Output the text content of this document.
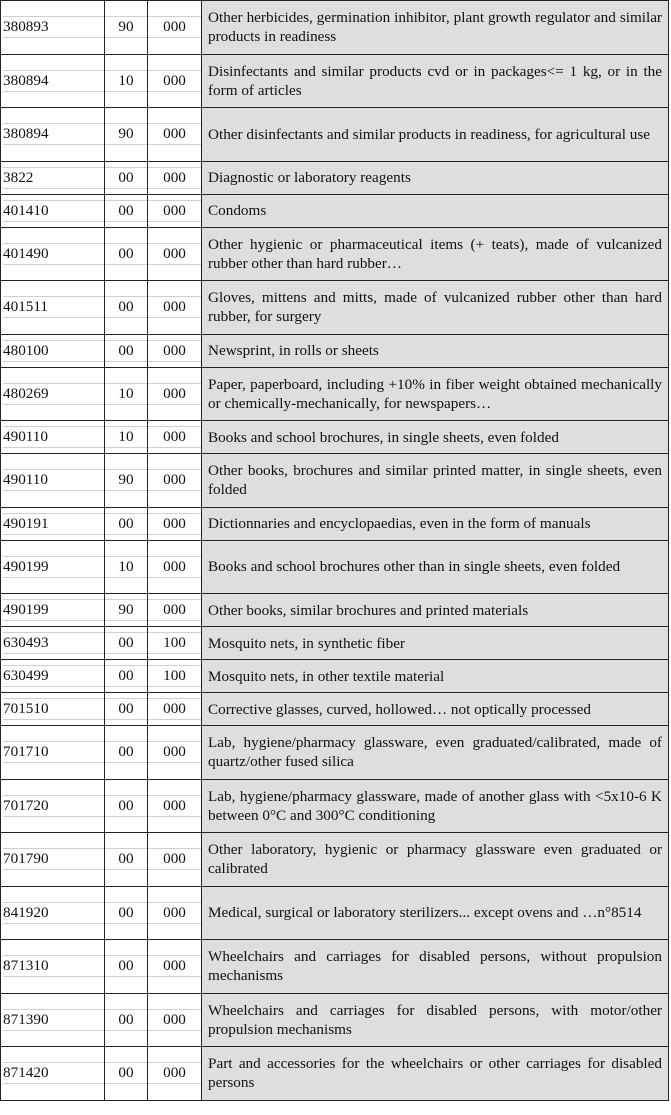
380893	90	000	Other herbicides, germination inhibitor, plant growth regulator and similar products in readiness

380894	10	000	Disinfectants and similar products cvd or in packages<= 1 kg, or in the form of articles

380894	90	000	Other disinfectants and similar products in readiness, for agricultural use

3822	00	000	Diagnostic or laboratory reagents

401410	00	000	Condoms

401490	00	000	Other hygienic or pharmaceutical items (+ teats), made of vulcanized rubber other than hard rubber…

401511	00	000	Gloves, mittens and mitts, made of vulcanized rubber other than hard rubber, for surgery

480100	00	000	Newsprint, in rolls or sheets

480269	10	000	Paper, paperboard, including +10% in fiber weight obtained mechanically or chemically-mechanically, for newspapers…

490110	10	000	Books and school brochures, in single sheets, even folded

490110	90	000	Other books, brochures and similar printed matter, in single sheets, even folded

490191	00	000	Dictionnaries and encyclopaedias, even in the form of manuals

490199	10	000	Books and school brochures other than in single sheets, even folded

490199	90	000	Other books, similar brochures and printed materials

630493	00	100	Mosquito nets, in synthetic fiber

630499	00	100	Mosquito nets, in other textile material

701510	00	000	Corrective glasses, curved, hollowed… not optically processed

701710	00	000	Lab, hygiene/pharmacy glassware, even graduated/calibrated, made of quartz/other fused silica

701720	00	000	Lab, hygiene/pharmacy glassware, made of another glass with <5x10-6 K between 0°C and 300°C conditioning

701790	00	000	Other laboratory, hygienic or pharmacy glassware even graduated or calibrated

841920	00	000	Medical, surgical or laboratory sterilizers... except ovens and …n°8514

871310	00	000	Wheelchairs and carriages for disabled persons, without propulsion mechanisms

871390	00	000	Wheelchairs and carriages for disabled persons, with motor/other propulsion mechanisms

871420	00	000	Part and accessories for the wheelchairs or other carriages for disabled persons
